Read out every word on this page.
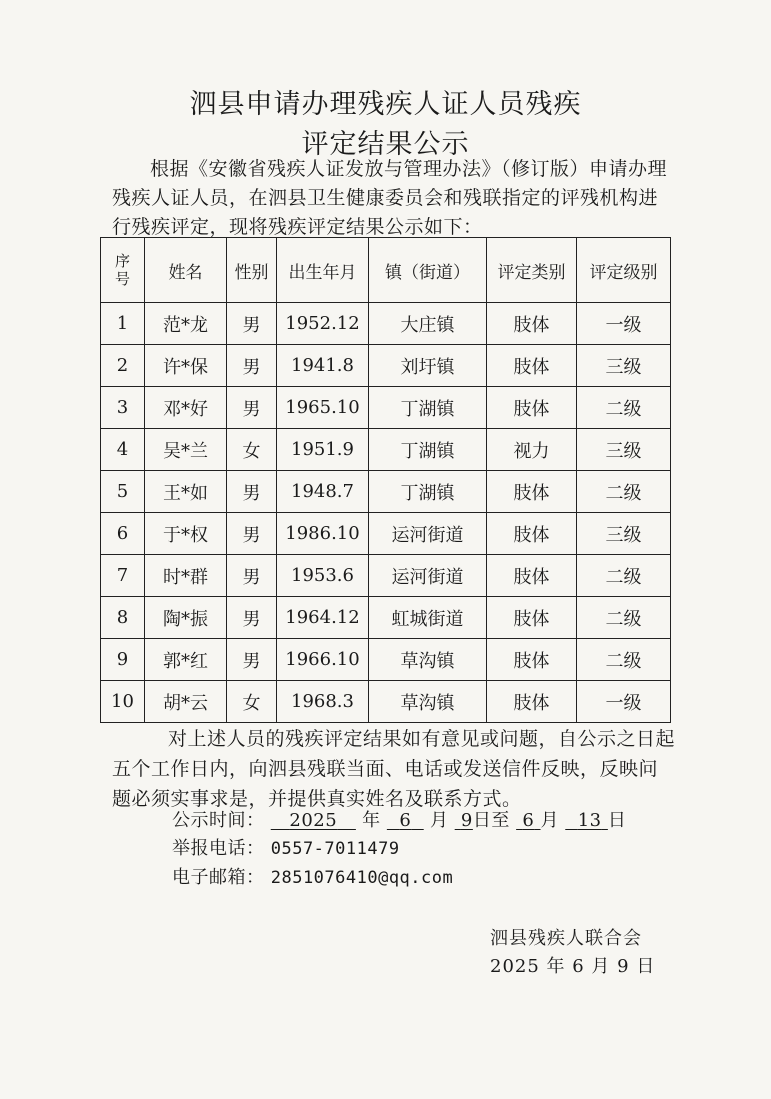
泗县申请办理残疾人证人员残疾
评定结果公示
根据《安徽省残疾人证发放与管理办法》（修订版）申请办理残疾人证人员，在泗县卫生健康委员会和残联指定的评残机构进行残疾评定，现将残疾评定结果公示如下：
序
号	姓名	性别	出生年月	镇（街道）	评定类别	评定级别
1	范*龙	男	1952.12	大庄镇	肢体	一级
2	许*保	男	1941.8	刘圩镇	肢体	三级
3	邓*好	男	1965.10	丁湖镇	肢体	二级
4	吴*兰	女	1951.9	丁湖镇	视力	三级
5	王*如	男	1948.7	丁湖镇	肢体	二级
6	于*权	男	1986.10	运河街道	肢体	三级
7	时*群	男	1953.6	运河街道	肢体	二级
8	陶*振	男	1964.12	虹城街道	肢体	二级
9	郭*红	男	1966.10	草沟镇	肢体	二级
10	胡*云	女	1968.3	草沟镇	肢体	一级
对上述人员的残疾评定结果如有意见或问题，自公示之日起五个工作日内，向泗县残联当面、电话或发送信件反映，反映问题必须实事求是，并提供真实姓名及联系方式。
公示时间： 2025 年 6 月 9日至 6 月 13 日
举报电话： 0557-7011479
电子邮箱： 2851076410@qq.com
泗县残疾人联合会
2025 年 6 月 9 日
